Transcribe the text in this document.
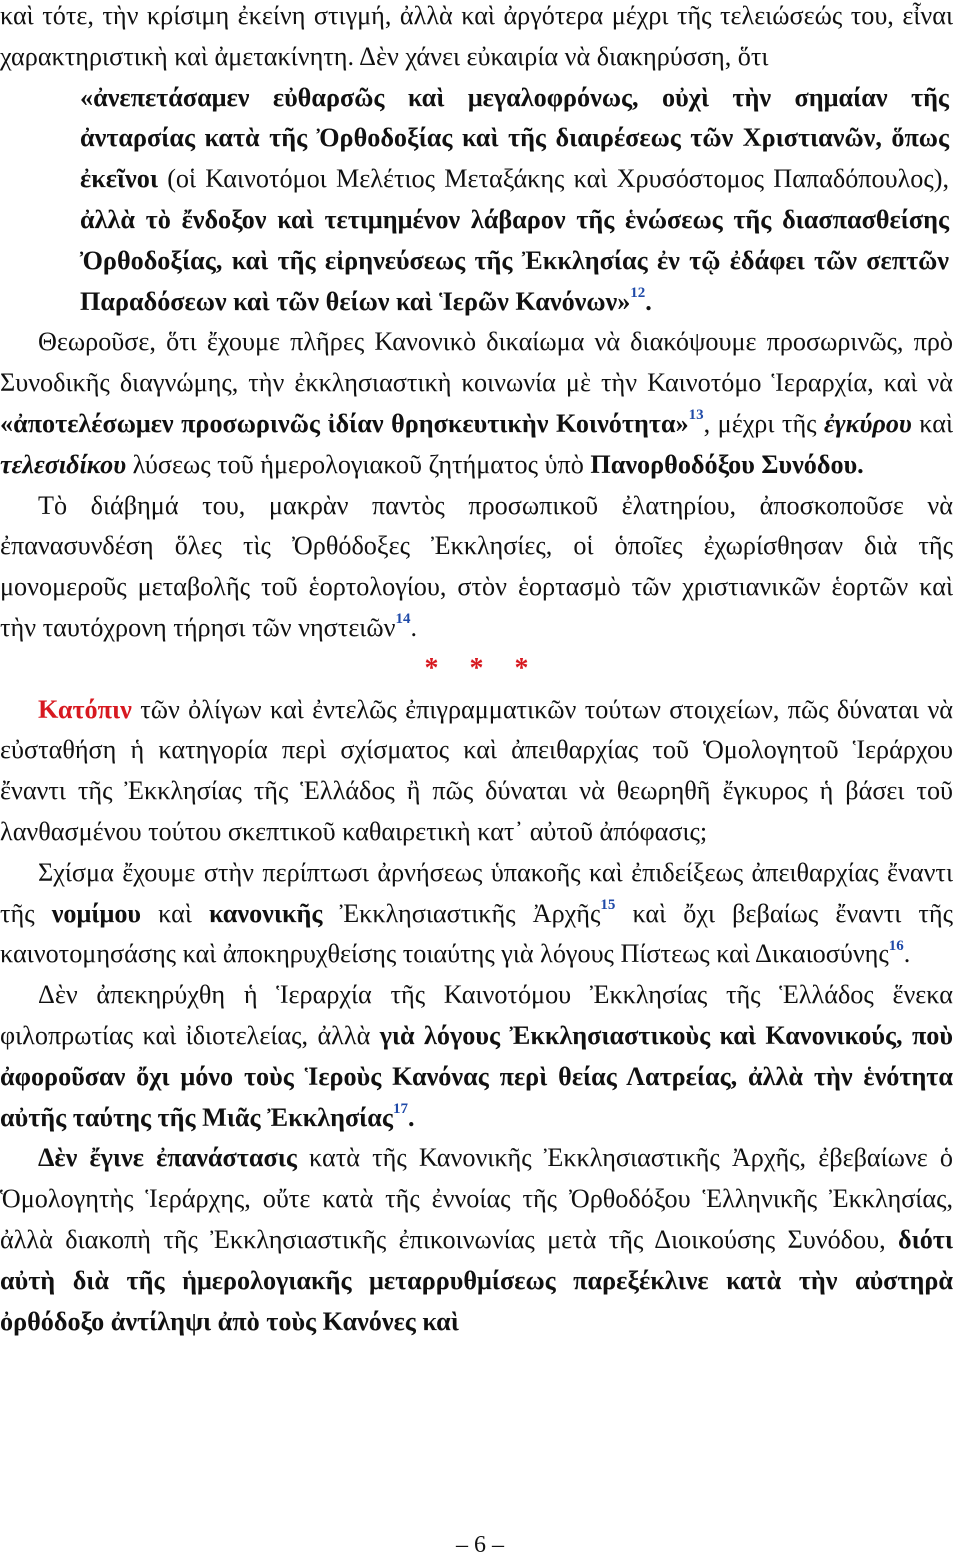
καὶ τότε, τὴν κρίσιμη ἐκείνη στιγμή, ἀλλὰ καὶ ἀργότερα μέχρι τῆς τελειώσεώς του, εἶναι χαρακτηριστικὴ καὶ ἀμετακίνητη. Δὲν χάνει εὐκαιρία νὰ διακηρύσση, ὅτι

«ἀνεπετάσαμεν εὐθαρσῶς καὶ μεγαλοφρόνως, οὐχὶ τὴν σημαίαν τῆς ἀνταρσίας κατὰ τῆς Ὀρθοδοξίας καὶ τῆς διαιρέσεως τῶν Χριστιανῶν, ὅπως ἐκεῖνοι (οἱ Καινοτόμοι Μελέτιος Μεταξάκης καὶ Χρυσόστομος Παπαδόπουλος), ἀλλὰ τὸ ἔνδοξον καὶ τετιμημένον λάβαρον τῆς ἑνώσεως τῆς διασπασθείσης Ὀρθοδοξίας, καὶ τῆς εἰρηνεύσεως τῆς Ἐκκλησίας ἐν τῷ ἐδάφει τῶν σεπτῶν Παραδόσεων καὶ τῶν θείων καὶ Ἱερῶν Κανόνων»$^{12}$.

Θεωροῦσε, ὅτι ἔχουμε πλῆρες Κανονικὸ δικαίωμα νὰ διακόψουμε προσωρινῶς, πρὸ Συνοδικῆς διαγνώμης, τὴν ἐκκλησιαστικὴ κοινωνία μὲ τὴν Καινοτόμο Ἱεραρχία, καὶ νὰ «ἀποτελέσωμεν προσωρινῶς ἰδίαν θρησκευτικὴν Κοινότητα»$^{13}$, μέχρι τῆς ἐγκύρου καὶ τελεσιδίκου λύσεως τοῦ ἡμερολογιακοῦ ζητήματος ὑπὸ Πανορθοδόξου Συνόδου.

Τὸ διάβημά του, μακρὰν παντὸς προσωπικοῦ ἐλατηρίου, ἀποσκοποῦσε νὰ ἐπανασυνδέση ὅλες τὶς Ὀρθόδοξες Ἐκκλησίες, οἱ ὁποῖες ἐχωρίσθησαν διὰ τῆς μονομεροῦς μεταβολῆς τοῦ ἑορτολογίου, στὸν ἑορτασμὸ τῶν χριστιανικῶν ἑορτῶν καὶ τὴν ταυτόχρονη τήρησι τῶν νηστειῶν$^{14}$.

* * *

Κατόπιν τῶν ὀλίγων καὶ ἐντελῶς ἐπιγραμματικῶν τούτων στοιχείων, πῶς δύναται νὰ εὐσταθήση ἡ κατηγορία περὶ σχίσματος καὶ ἀπειθαρχίας τοῦ Ὁμολογητοῦ Ἱεράρχου ἔναντι τῆς Ἐκκλησίας τῆς Ἑλλάδος ἢ πῶς δύναται νὰ θεωρηθῆ ἔγκυρος ἡ βάσει τοῦ λανθασμένου τούτου σκεπτικοῦ καθαιρετικὴ κατ᾽ αὐτοῦ ἀπόφασις;

Σχίσμα ἔχουμε στὴν περίπτωσι ἀρνήσεως ὑπακοῆς καὶ ἐπιδείξεως ἀπειθαρχίας ἔναντι τῆς νομίμου καὶ κανονικῆς Ἐκκλησιαστικῆς Ἀρχῆς$^{15}$ καὶ ὄχι βεβαίως ἔναντι τῆς καινοτομησάσης καὶ ἀποκηρυχθείσης τοιαύτης γιὰ λόγους Πίστεως καὶ Δικαιοσύνης$^{16}$.

Δὲν ἀπεκηρύχθη ἡ Ἱεραρχία τῆς Καινοτόμου Ἐκκλησίας τῆς Ἑλλάδος ἕνεκα φιλοπρωτίας καὶ ἰδιοτελείας, ἀλλὰ γιὰ λόγους Ἐκκλησιαστικοὺς καὶ Κανονικούς, ποὺ ἀφοροῦσαν ὄχι μόνο τοὺς Ἱεροὺς Κανόνας περὶ θείας Λατρείας, ἀλλὰ τὴν ἑνότητα αὐτῆς ταύτης τῆς Μιᾶς Ἐκκλησίας$^{17}$.

Δὲν ἔγινε ἐπανάστασις κατὰ τῆς Κανονικῆς Ἐκκλησιαστικῆς Ἀρχῆς, ἐβεβαίωνε ὁ Ὁμολογητὴς Ἱεράρχης, οὔτε κατὰ τῆς ἐννοίας τῆς Ὀρθοδόξου Ἑλληνικῆς Ἐκκλησίας, ἀλλὰ διακοπὴ τῆς Ἐκκλησιαστικῆς ἐπικοινωνίας μετὰ τῆς Διοικούσης Συνόδου, διότι αὐτὴ διὰ τῆς ἡμερολογιακῆς μεταρρυθμίσεως παρεξέκλινε κατὰ τὴν αὐστηρὰ ὀρθόδοξο ἀντίληψι ἀπὸ τοὺς Κανόνες καὶ

– 6 –
